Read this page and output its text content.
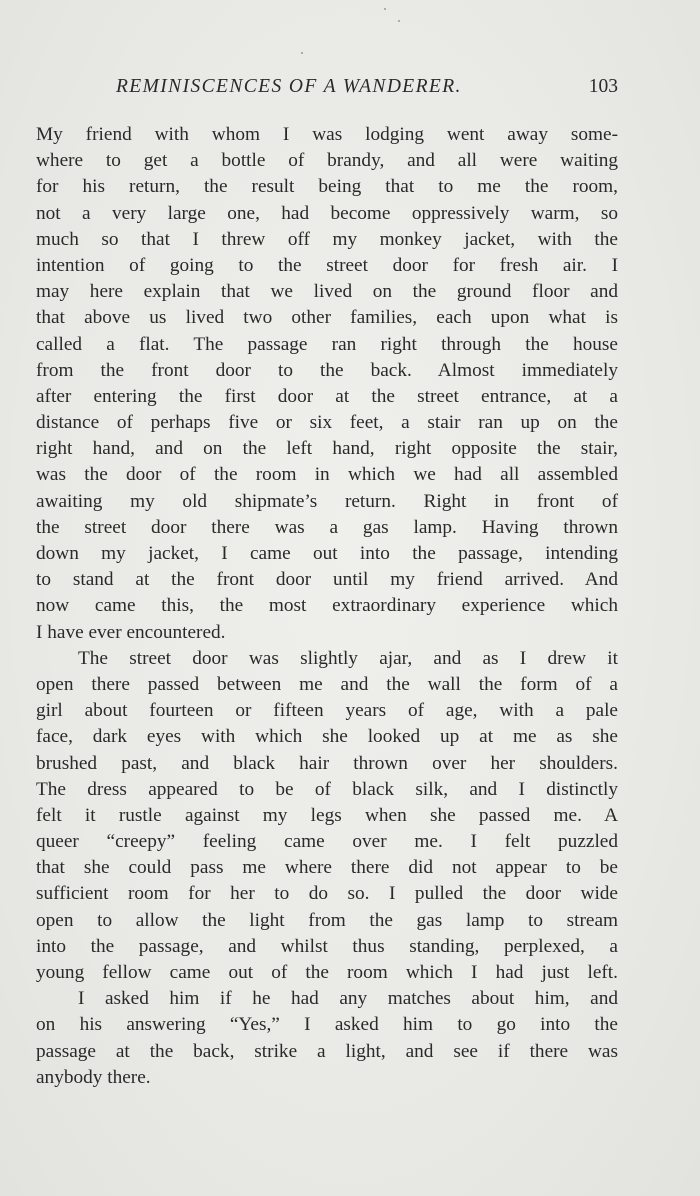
REMINISCENCES OF A WANDERER.	103
My friend with whom I was lodging went away some-
where to get a bottle of brandy, and all were waiting
for his return, the result being that to me the room,
not a very large one, had become oppressively warm, so
much so that I threw off my monkey jacket, with the
intention of going to the street door for fresh air. I
may here explain that we lived on the ground floor and
that above us lived two other families, each upon what is
called a flat. The passage ran right through the house
from the front door to the back. Almost immediately
after entering the first door at the street entrance, at a
distance of perhaps five or six feet, a stair ran up on the
right hand, and on the left hand, right opposite the stair,
was the door of the room in which we had all assembled
awaiting my old shipmate’s return. Right in front of
the street door there was a gas lamp. Having thrown
down my jacket, I came out into the passage, intending
to stand at the front door until my friend arrived. And
now came this, the most extraordinary experience which
I have ever encountered.
The street door was slightly ajar, and as I drew it
open there passed between me and the wall the form of a
girl about fourteen or fifteen years of age, with a pale
face, dark eyes with which she looked up at me as she
brushed past, and black hair thrown over her shoulders.
The dress appeared to be of black silk, and I distinctly
felt it rustle against my legs when she passed me. A
queer “creepy” feeling came over me. I felt puzzled
that she could pass me where there did not appear to be
sufficient room for her to do so. I pulled the door wide
open to allow the light from the gas lamp to stream
into the passage, and whilst thus standing, perplexed, a
young fellow came out of the room which I had just left.
I asked him if he had any matches about him, and
on his answering “Yes,” I asked him to go into the
passage at the back, strike a light, and see if there was
anybody there.
